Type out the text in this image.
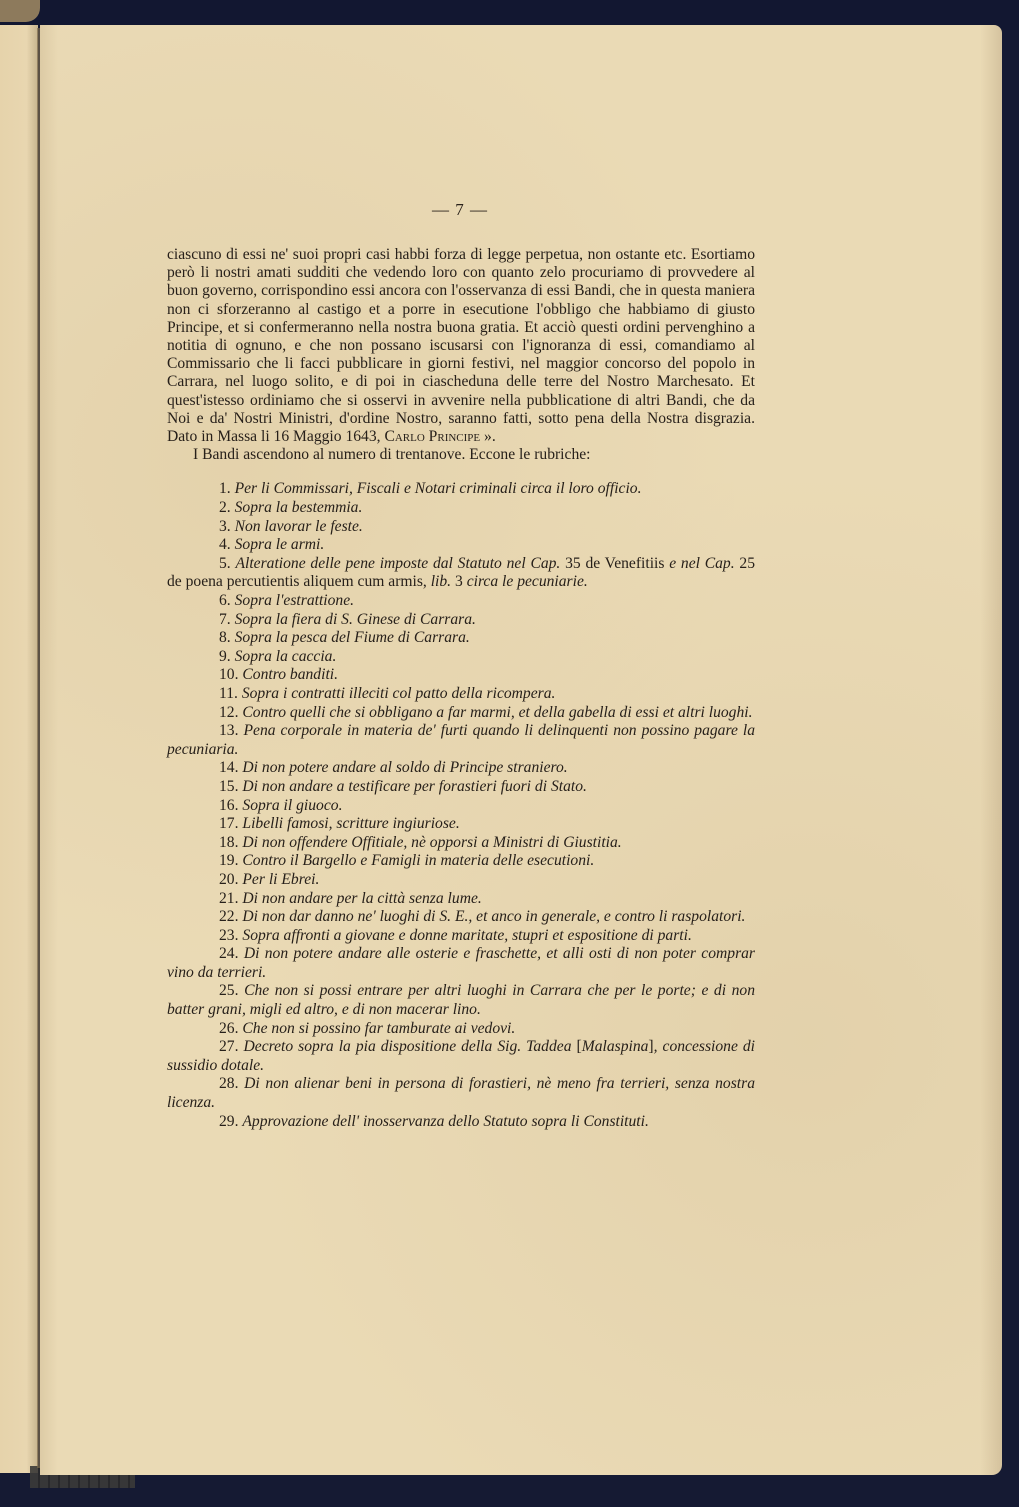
— 7 —

ciascuno di essi ne' suoi propri casi habbi forza di legge perpetua, non ostante etc. Esortiamo però li nostri amati sudditi che vedendo loro con quanto zelo procuriamo di provvedere al buon governo, corrispondino essi ancora con l'osservanza di essi Bandi, che in questa maniera non ci sforzeranno al castigo et a porre in esecutione l'obbligo che habbiamo di giusto Principe, et si confermeranno nella nostra buona gratia. Et acciò questi ordini pervenghino a notitia di ognuno, e che non possano iscusarsi con l'ignoranza di essi, comandiamo al Commissario che li facci pubblicare in giorni festivi, nel maggior concorso del popolo in Carrara, nel luogo solito, e di poi in ciascheduna delle terre del Nostro Marchesato. Et quest'istesso ordiniamo che si osservi in avvenire nella pubblicatione di altri Bandi, che da Noi e da' Nostri Ministri, d'ordine Nostro, saranno fatti, sotto pena della Nostra disgrazia. Dato in Massa li 16 Maggio 1643, Carlo Principe ».

I Bandi ascendono al numero di trentanove. Eccone le rubriche:

1. Per li Commissari, Fiscali e Notari criminali circa il loro officio.

2. Sopra la bestemmia.

3. Non lavorar le feste.

4. Sopra le armi.

5. Alteratione delle pene imposte dal Statuto nel Cap. 35 de Venefitiis e nel Cap. 25 de poena percutientis aliquem cum armis, lib. 3 circa le pecuniarie.

6. Sopra l'estrattione.

7. Sopra la fiera di S. Ginese di Carrara.

8. Sopra la pesca del Fiume di Carrara.

9. Sopra la caccia.

10. Contro banditi.

11. Sopra i contratti illeciti col patto della ricompera.

12. Contro quelli che si obbligano a far marmi, et della gabella di essi et altri luoghi.

13. Pena corporale in materia de' furti quando li delinquenti non possino pagare la pecuniaria.

14. Di non potere andare al soldo di Principe straniero.

15. Di non andare a testificare per forastieri fuori di Stato.

16. Sopra il giuoco.

17. Libelli famosi, scritture ingiuriose.

18. Di non offendere Offitiale, nè opporsi a Ministri di Giustitia.

19. Contro il Bargello e Famigli in materia delle esecutioni.

20. Per li Ebrei.

21. Di non andare per la città senza lume.

22. Di non dar danno ne' luoghi di S. E., et anco in generale, e contro li raspolatori.

23. Sopra affronti a giovane e donne maritate, stupri et espositione di parti.

24. Di non potere andare alle osterie e fraschette, et alli osti di non poter comprar vino da terrieri.

25. Che non si possi entrare per altri luoghi in Carrara che per le porte; e di non batter grani, migli ed altro, e di non macerar lino.

26. Che non si possino far tamburate ai vedovi.

27. Decreto sopra la pia dispositione della Sig. Taddea [Malaspina], concessione di sussidio dotale.

28. Di non alienar beni in persona di forastieri, nè meno fra terrieri, senza nostra licenza.

29. Approvazione dell' inosservanza dello Statuto sopra li Constituti.
